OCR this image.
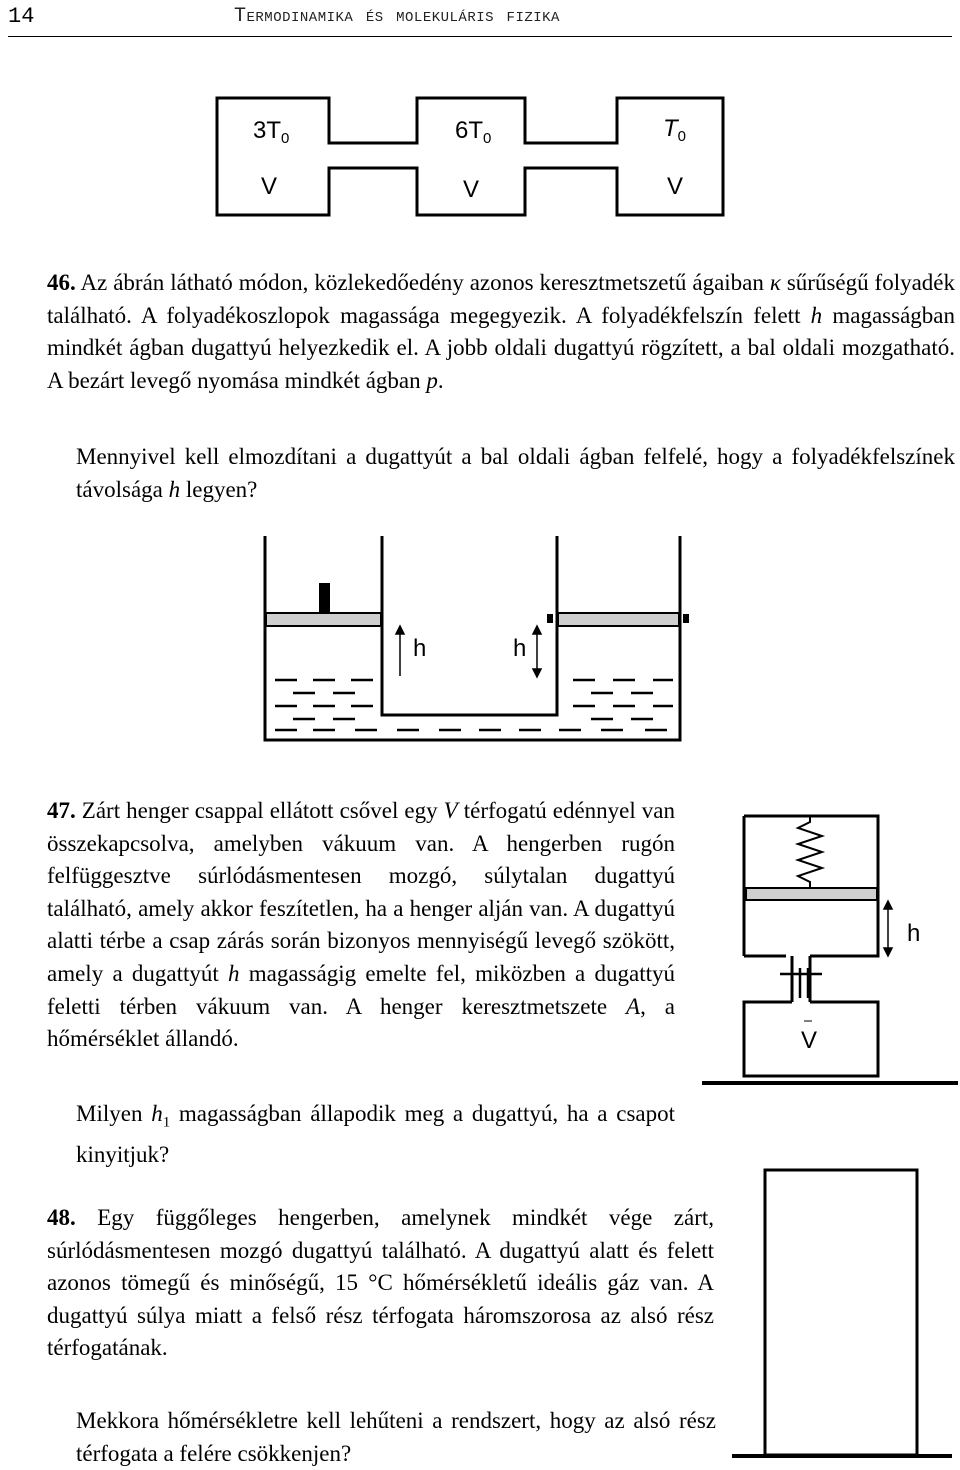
14	Termodinamika és molekuláris fizika
$3T_0$	$6T_0$	$T_0$
V	V	V
46. Az ábrán látható módon, közlekedőedény azonos keresztmetszetű ágaiban κ sűrűségű folyadék található. A folyadékoszlopok magassága megegyezik. A folyadékfelszín felett h magasságban mindkét ágban dugattyú helyezkedik el. A jobb oldali dugattyú rögzített, a bal oldali mozgatható. A bezárt levegő nyomása mindkét ágban p.
Mennyivel kell elmozdítani a dugattyút a bal oldali ágban felfelé, hogy a folyadékfelszínek távolsága h legyen?
h	h
47. Zárt henger csappal ellátott csővel egy V térfogatú edénnyel van összekapcsolva, amelyben vákuum van. A hengerben rugón felfüggesztve súrlódásmentesen mozgó, súlytalan dugattyú található, amely akkor feszítetlen, ha a henger alján van. A dugattyú alatti térbe a csap zárás során bizonyos mennyiségű levegő szökött, amely a dugattyút h magasságig emelte fel, miközben a dugattyú feletti térben vákuum van. A henger keresztmetszete A, a hőmérséklet állandó.
Milyen $h_1$ magasságban állapodik meg a dugattyú, ha a csapot kinyitjuk?
h
V
48. Egy függőleges hengerben, amelynek mindkét vége zárt, súrlódásmentesen mozgó dugattyú található. A dugattyú alatt és felett azonos tömegű és minőségű, 15 °C hőmérsékletű ideális gáz van. A dugattyú súlya miatt a felső rész térfogata háromszorosa az alsó rész térfogatának.
Mekkora hőmérsékletre kell lehűteni a rendszert, hogy az alsó rész térfogata a felére csökkenjen?
